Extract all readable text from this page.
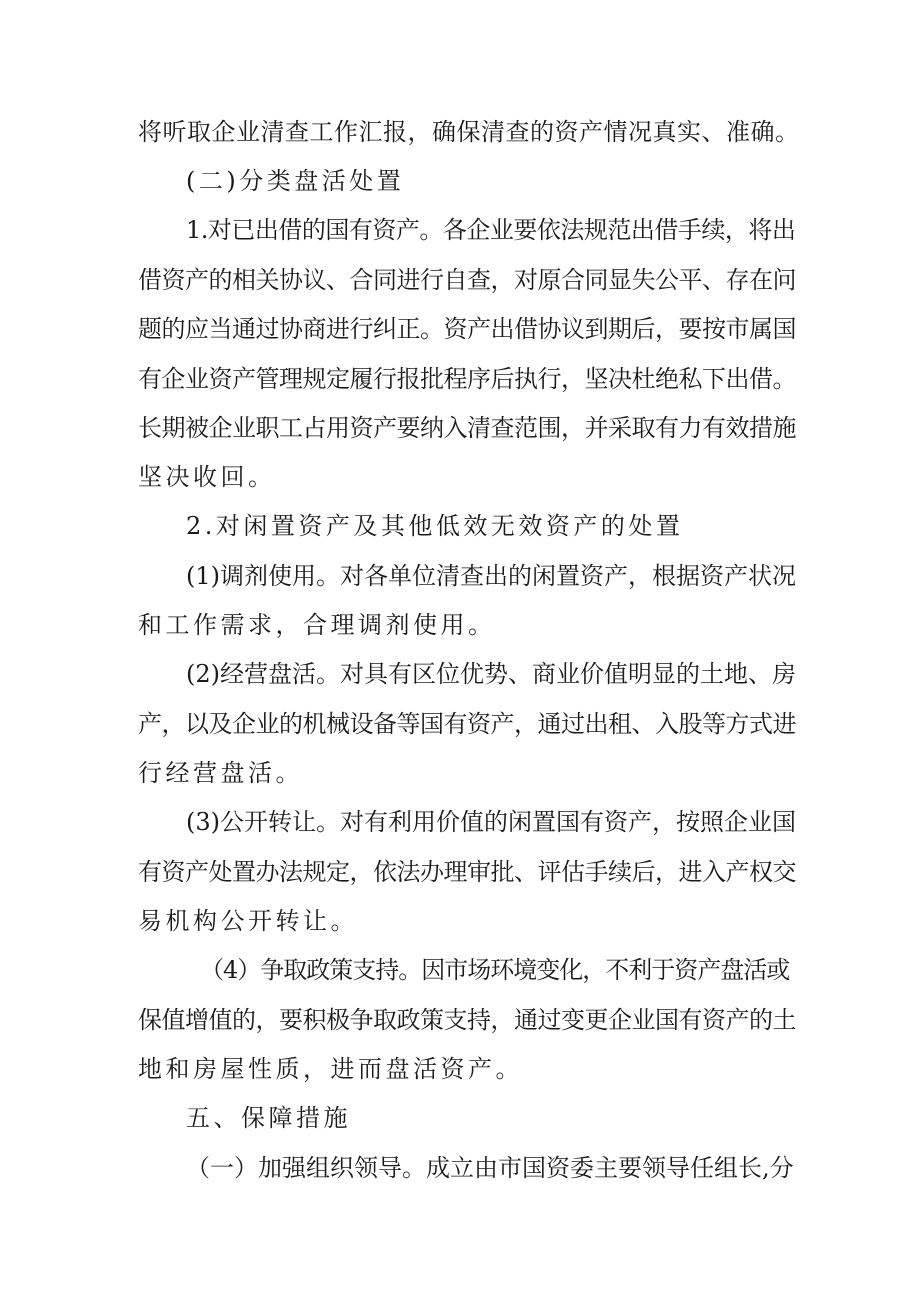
将听取企业清查工作汇报，确保清查的资产情况真实、准确。
(二)分类盘活处置
1.对已出借的国有资产。各企业要依法规范出借手续，将出
借资产的相关协议、合同进行自查，对原合同显失公平、存在问
题的应当通过协商进行纠正。资产出借协议到期后，要按市属国
有企业资产管理规定履行报批程序后执行，坚决杜绝私下出借。
长期被企业职工占用资产要纳入清查范围，并采取有力有效措施
坚决收回。
2.对闲置资产及其他低效无效资产的处置
(1)调剂使用。对各单位清查出的闲置资产，根据资产状况
和工作需求，合理调剂使用。
(2)经营盘活。对具有区位优势、商业价值明显的土地、房
产，以及企业的机械设备等国有资产，通过出租、入股等方式进
行经营盘活。
(3)公开转让。对有利用价值的闲置国有资产，按照企业国
有资产处置办法规定，依法办理审批、评估手续后，进入产权交
易机构公开转让。
（4）争取政策支持。因市场环境变化，不利于资产盘活或
保值增值的，要积极争取政策支持，通过变更企业国有资产的土
地和房屋性质，进而盘活资产。
五、保障措施
（一）加强组织领导。成立由市国资委主要领导任组长,分
